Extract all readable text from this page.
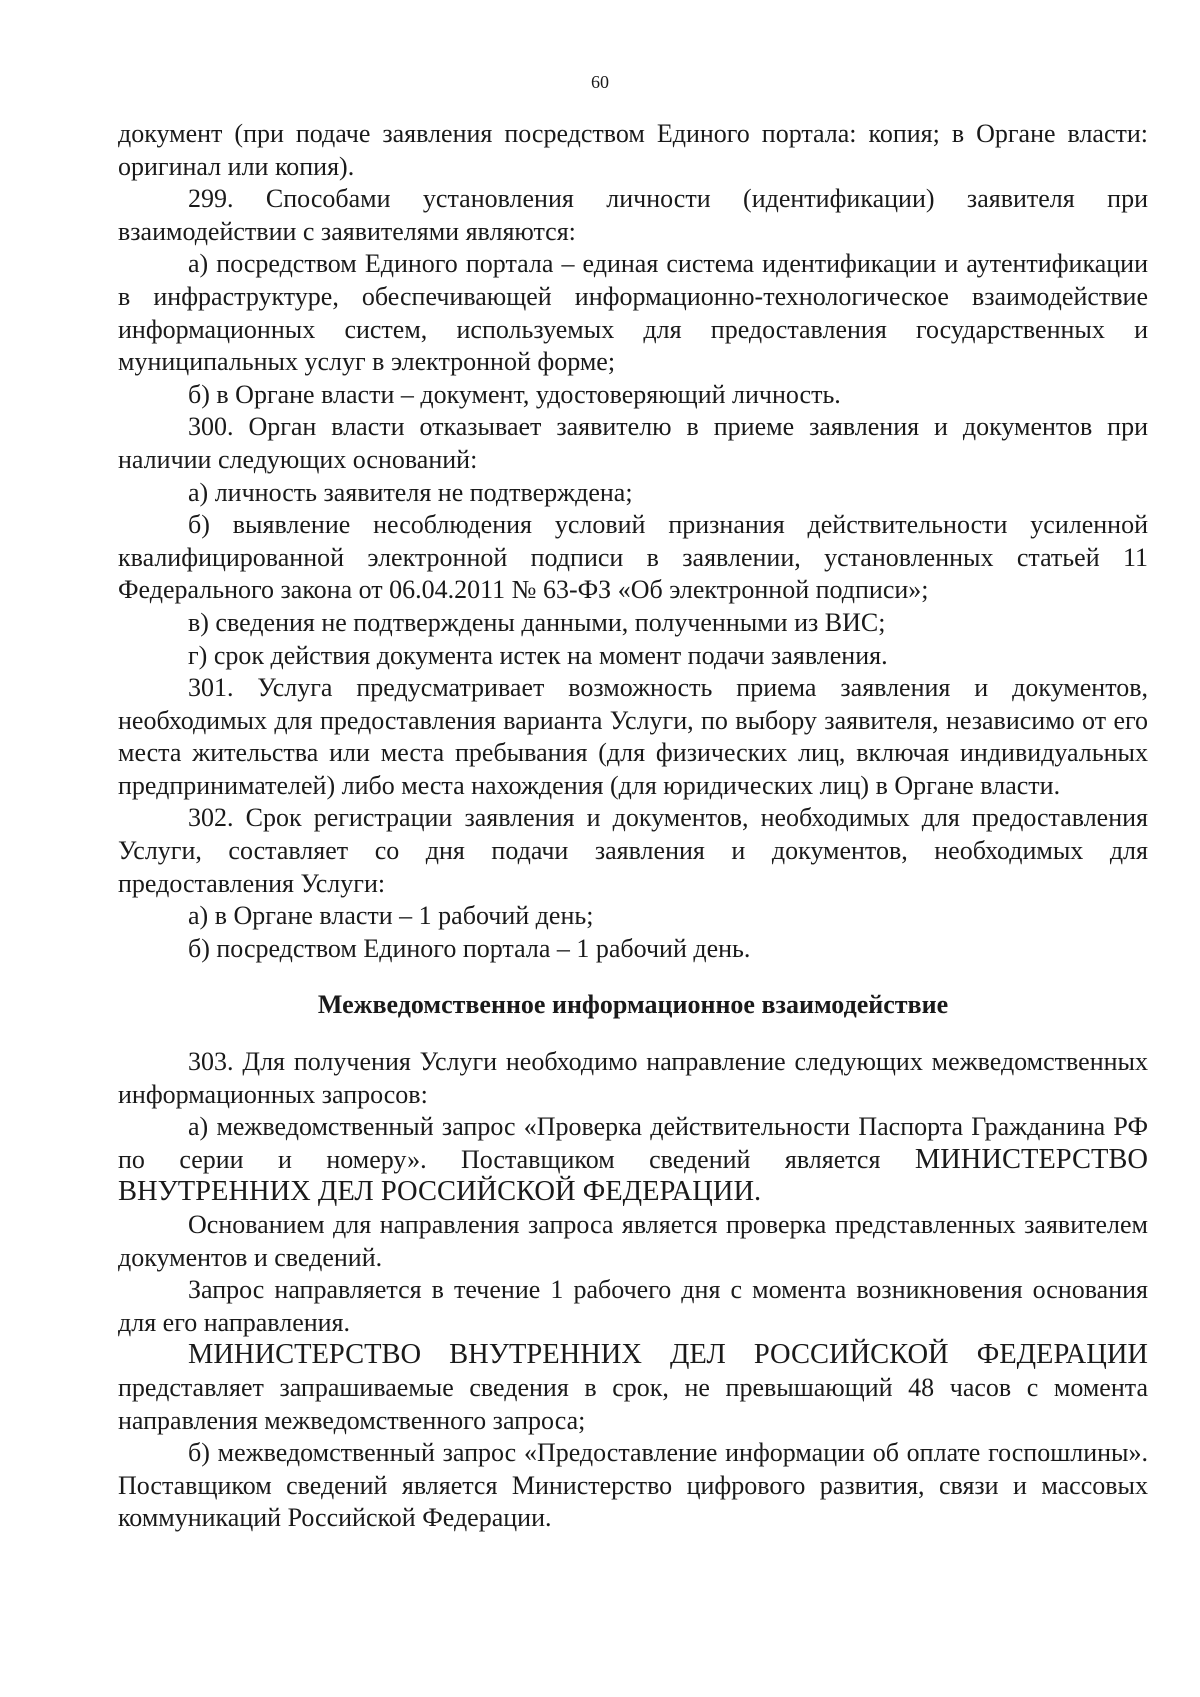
60

документ (при подаче заявления посредством Единого портала: копия; в Органе власти: оригинал или копия).

299. Способами установления личности (идентификации) заявителя при взаимодействии с заявителями являются:

а) посредством Единого портала – единая система идентификации и аутентификации в инфраструктуре, обеспечивающей информационно-технологическое взаимодействие информационных систем, используемых для предоставления государственных и муниципальных услуг в электронной форме;

б) в Органе власти – документ, удостоверяющий личность.

300. Орган власти отказывает заявителю в приеме заявления и документов при наличии следующих оснований:

а) личность заявителя не подтверждена;

б) выявление несоблюдения условий признания действительности усиленной квалифицированной электронной подписи в заявлении, установленных статьей 11 Федерального закона от 06.04.2011 № 63-ФЗ «Об электронной подписи»;

в) сведения не подтверждены данными, полученными из ВИС;

г) срок действия документа истек на момент подачи заявления.

301. Услуга предусматривает возможность приема заявления и документов, необходимых для предоставления варианта Услуги, по выбору заявителя, независимо от его места жительства или места пребывания (для физических лиц, включая индивидуальных предпринимателей) либо места нахождения (для юридических лиц) в Органе власти.

302. Срок регистрации заявления и документов, необходимых для предоставления Услуги, составляет со дня подачи заявления и документов, необходимых для предоставления Услуги:

а) в Органе власти – 1 рабочий день;

б) посредством Единого портала – 1 рабочий день.

Межведомственное информационное взаимодействие

303. Для получения Услуги необходимо направление следующих межведомственных информационных запросов:

а) межведомственный запрос «Проверка действительности Паспорта Гражданина РФ по серии и номеру». Поставщиком сведений является МИНИСТЕРСТВО ВНУТРЕННИХ ДЕЛ РОССИЙСКОЙ ФЕДЕРАЦИИ.

Основанием для направления запроса является проверка представленных заявителем документов и сведений.

Запрос направляется в течение 1 рабочего дня с момента возникновения основания для его направления.

МИНИСТЕРСТВО ВНУТРЕННИХ ДЕЛ РОССИЙСКОЙ ФЕДЕРАЦИИ представляет запрашиваемые сведения в срок, не превышающий 48 часов с момента направления межведомственного запроса;

б) межведомственный запрос «Предоставление информации об оплате госпошлины». Поставщиком сведений является Министерство цифрового развития, связи и массовых коммуникаций Российской Федерации.
